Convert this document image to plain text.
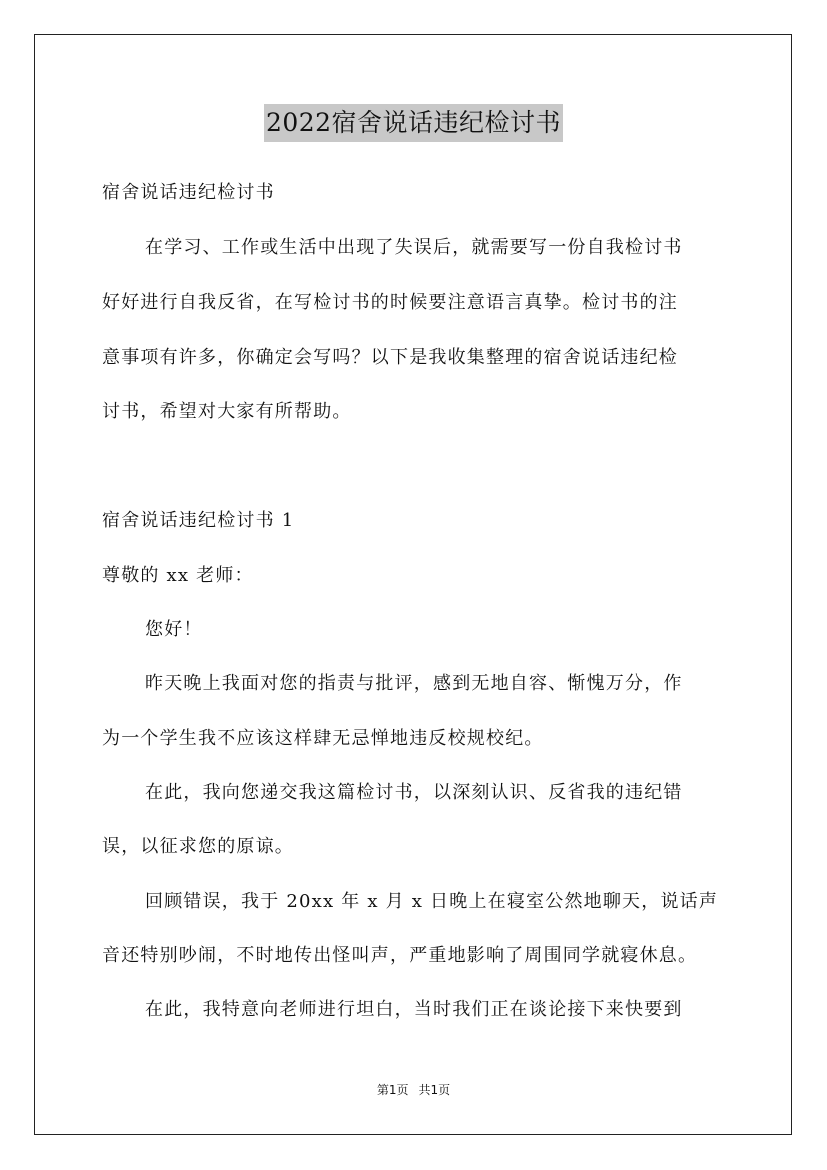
2022宿舍说话违纪检讨书
宿舍说话违纪检讨书
在学习、工作或生活中出现了失误后，就需要写一份自我检讨书
好好进行自我反省，在写检讨书的时候要注意语言真挚。检讨书的注
意事项有许多，你确定会写吗？以下是我收集整理的宿舍说话违纪检
讨书，希望对大家有所帮助。
宿舍说话违纪检讨书 1
尊敬的 xx 老师：
您好！
昨天晚上我面对您的指责与批评，感到无地自容、惭愧万分，作
为一个学生我不应该这样肆无忌惮地违反校规校纪。
在此，我向您递交我这篇检讨书，以深刻认识、反省我的违纪错
误，以征求您的原谅。
回顾错误，我于 20xx 年 x 月 x 日晚上在寝室公然地聊天，说话声
音还特别吵闹，不时地传出怪叫声，严重地影响了周围同学就寝休息。
在此，我特意向老师进行坦白，当时我们正在谈论接下来快要到
第1页 共1页
